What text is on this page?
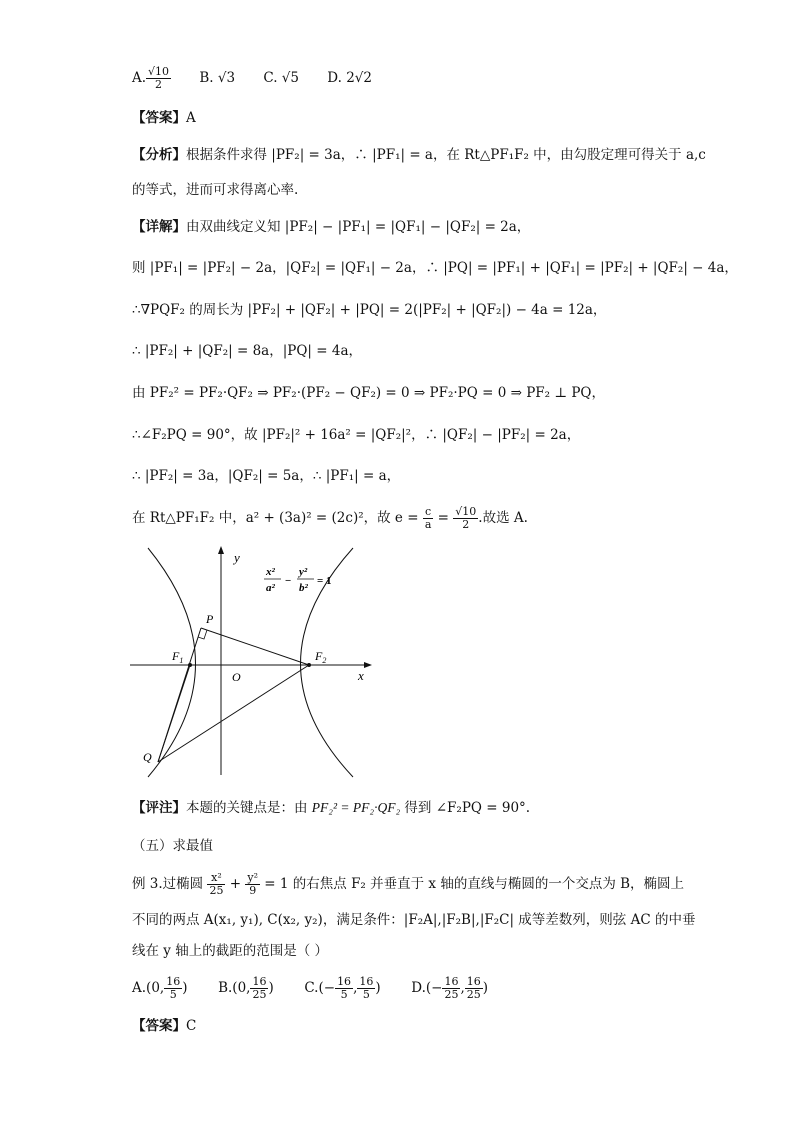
A. $\frac{√10}{2} B$. √3 C. √5 D. 2√2
【答案】A
【分析】根据条件求得 |PF₂| = 3a，∴ |PF₁| = a，在 Rt△PF₁F₂ 中，由勾股定理可得关于 a,c
的等式，进而可求得离心率.
【详解】由双曲线定义知 |PF₂| − |PF₁| = |QF₁| − |QF₂| = 2a，
则 |PF₁| = |PF₂| − 2a，|QF₂| = |QF₁| − 2a，∴ |PQ| = |PF₁| + |QF₁| = |PF₂| + |QF₂| − 4a，
∴∇PQF₂ 的周长为 |PF₂| + |QF₂| + |PQ| = 2(|PF₂| + |QF₂|) − 4a = 12a，
∴ |PF₂| + |QF₂| = 8a，|PQ| = 4a，
由 PF₂² = PF₂·QF₂ ⇒ PF₂·(PF₂ − QF₂) = 0 ⇒ PF₂·PQ = 0 ⇒ PF₂ ⊥ PQ，
∴∠F₂PQ = 90°，故 |PF₂|² + 16a² = |QF₂|²，∴ |QF₂| − |PF₂| = 2a，
∴ |PF₂| = 3a，|QF₂| = 5a，∴ |PF₁| = a，
在 Rt△PF₁F₂ 中，a² + (3a)² = (2c)²，故 $e = \frac{c}{a} = \frac{√10}{2}$ .故选 A.
y
x
O
P
Q
$F_1$	$F_2$
x²
a²
−
y²
b²
= 1
【评注】本题的关键点是：由 PF₂² = PF₂·QF₂ 得到 ∠F₂PQ = 90°.
（五）求最值
例 3.过椭圆 $\frac{\text{x²}}{25} + \frac{\text{y²}}{9} = 1$ 的右焦点 F₂ 并垂直于 x 轴的直线与椭圆的一个交点为 B，椭圆上
不同的两点 A(x₁, y₁), C(x₂, y₂)，满足条件：|F₂A|,|F₂B|,|F₂C| 成等差数列，则弦 AC 的中垂
线在 y 轴上的截距的范围是（ ）
A.(0, $\frac{16}{5}$ ) B.(0, $\frac{16}{25}$ ) $C.(- \frac{16}{5}$ , $\frac{16}{5}$ ) $D.(- \frac{16}{25}$ , $\frac{16}{25}$ )
【答案】C
